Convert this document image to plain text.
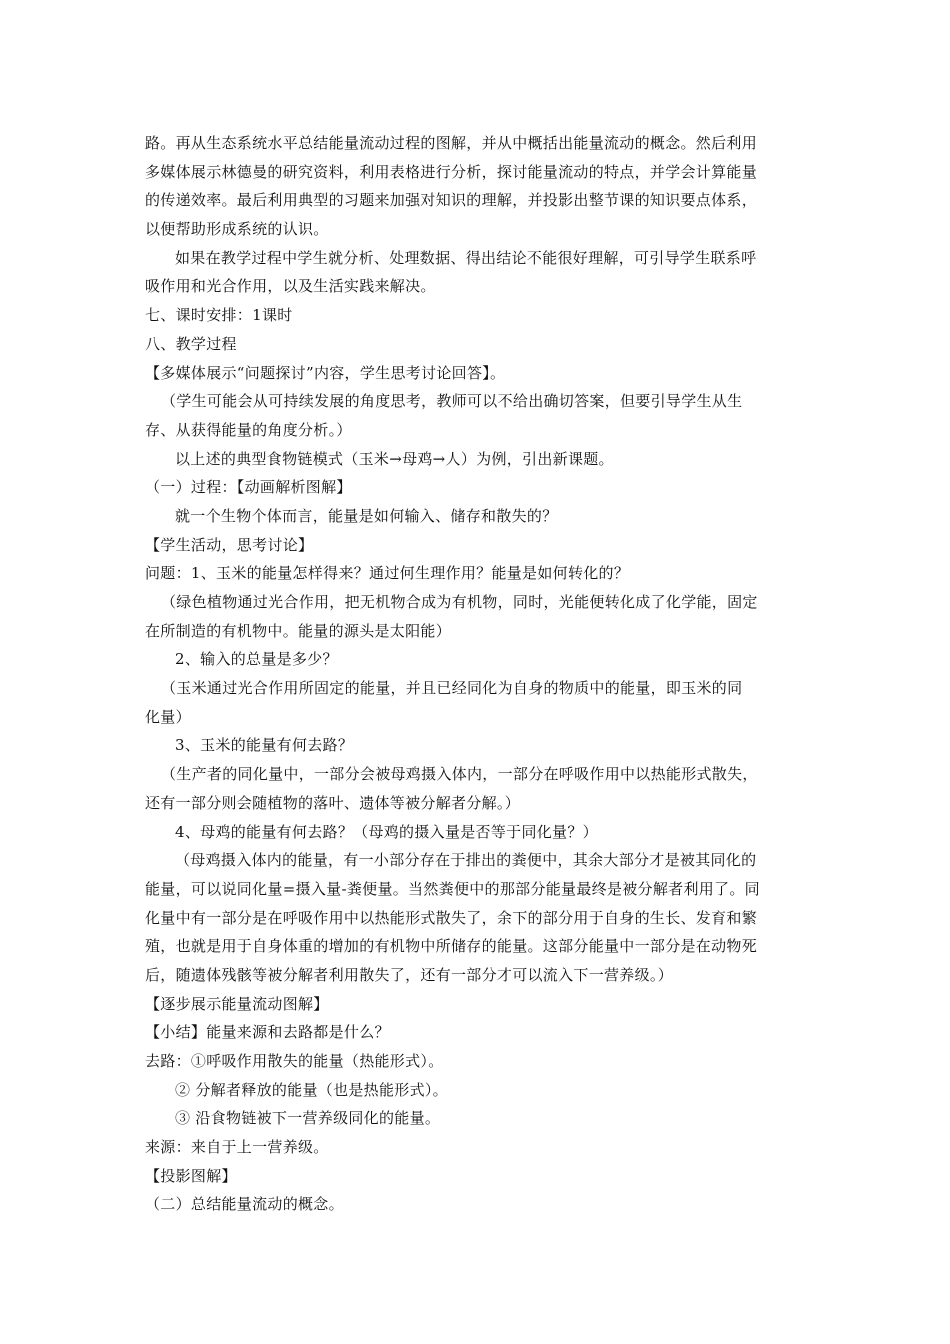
路。再从生态系统水平总结能量流动过程的图解，并从中概括出能量流动的概念。然后利用
多媒体展示林德曼的研究资料，利用表格进行分析，探讨能量流动的特点，并学会计算能量
的传递效率。最后利用典型的习题来加强对知识的理解，并投影出整节课的知识要点体系，
以便帮助形成系统的认识。
如果在教学过程中学生就分析、处理数据、得出结论不能很好理解，可引导学生联系呼
吸作用和光合作用，以及生活实践来解决。
七、课时安排：1课时
八、教学过程
【多媒体展示“问题探讨”内容，学生思考讨论回答】。
（学生可能会从可持续发展的角度思考，教师可以不给出确切答案，但要引导学生从生
存、从获得能量的角度分析。）
以上述的典型食物链模式（玉米→母鸡→人）为例，引出新课题。
（一）过程：【动画解析图解】
就一个生物个体而言，能量是如何输入、储存和散失的？
【学生活动，思考讨论】
问题：1、玉米的能量怎样得来？通过何生理作用？能量是如何转化的？
（绿色植物通过光合作用，把无机物合成为有机物，同时，光能便转化成了化学能，固定
在所制造的有机物中。能量的源头是太阳能）
2、输入的总量是多少？
（玉米通过光合作用所固定的能量，并且已经同化为自身的物质中的能量，即玉米的同
化量）
3、玉米的能量有何去路？
（生产者的同化量中，一部分会被母鸡摄入体内，一部分在呼吸作用中以热能形式散失，
还有一部分则会随植物的落叶、遗体等被分解者分解。）
4、母鸡的能量有何去路？（母鸡的摄入量是否等于同化量？）
（母鸡摄入体内的能量，有一小部分存在于排出的粪便中，其余大部分才是被其同化的
能量，可以说同化量=摄入量-粪便量。当然粪便中的那部分能量最终是被分解者利用了。同
化量中有一部分是在呼吸作用中以热能形式散失了，余下的部分用于自身的生长、发育和繁
殖，也就是用于自身体重的增加的有机物中所储存的能量。这部分能量中一部分是在动物死
后，随遗体残骸等被分解者利用散失了，还有一部分才可以流入下一营养级。）
【逐步展示能量流动图解】
【小结】能量来源和去路都是什么？
去路：①呼吸作用散失的能量（热能形式）。
② 分解者释放的能量（也是热能形式）。
③ 沿食物链被下一营养级同化的能量。
来源：来自于上一营养级。
【投影图解】
（二）总结能量流动的概念。
